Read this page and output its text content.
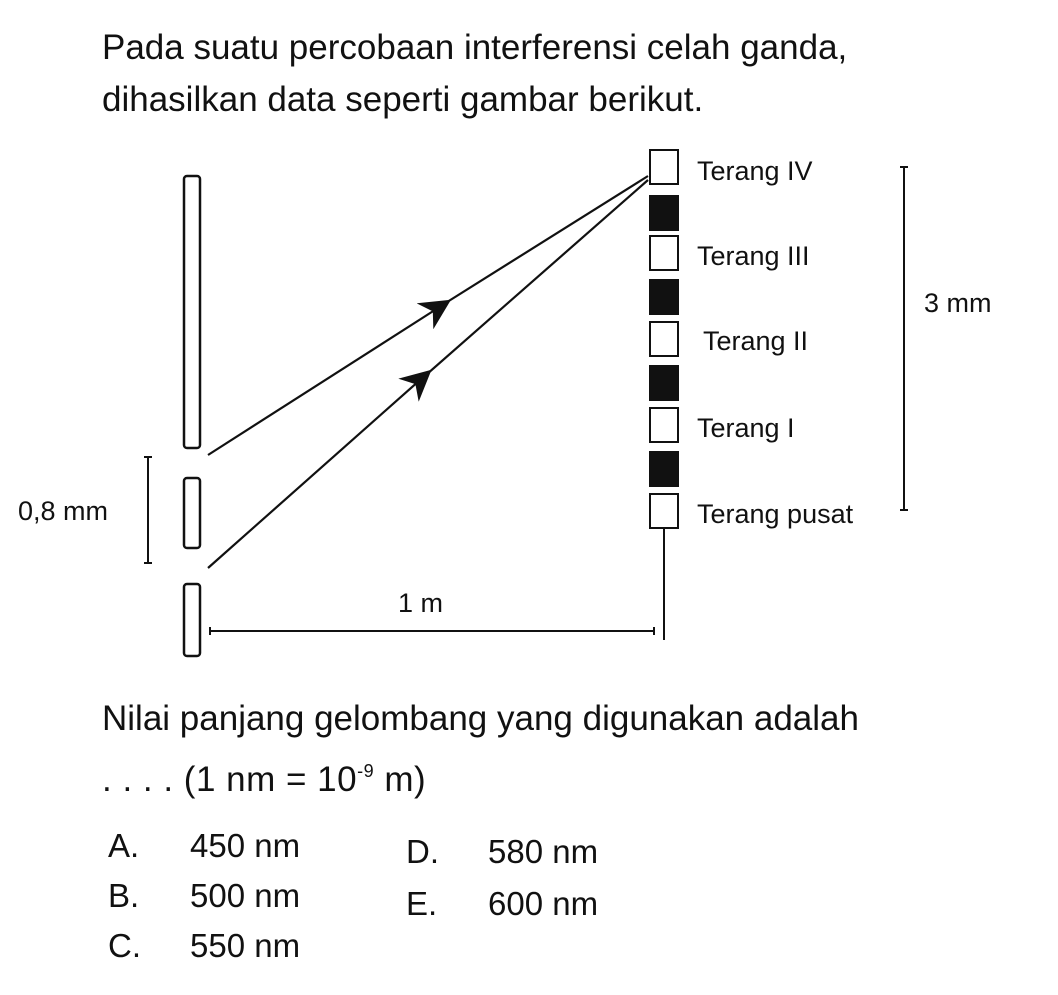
Pada suatu percobaan interferensi celah ganda,
dihasilkan data seperti gambar berikut.
0,8 mm
Terang IV
Terang III
Terang II
Terang I
Terang pusat
3 mm
1 m
Nilai panjang gelombang yang digunakan adalah
. . . . (1 nm = $10^{-9}$ m)
A. 450 nm
B. 500 nm
C. 550 nm
D. 580 nm
E. 600 nm
